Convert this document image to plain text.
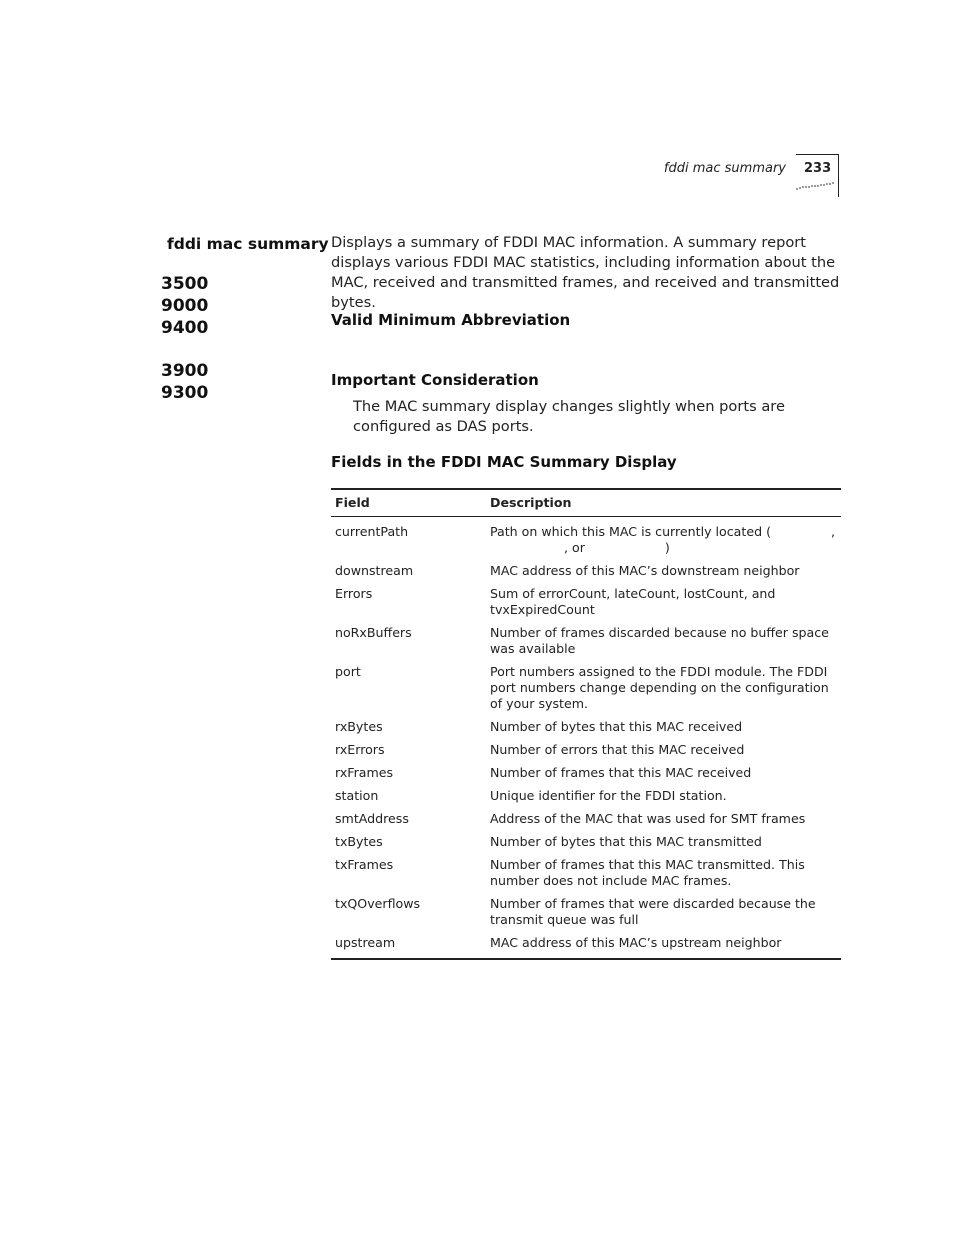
fddi mac summary 233
fddi mac summary
3500
9000
9400
3900
9300
Displays a summary of FDDI MAC information. A summary report displays various FDDI MAC statistics, including information about the MAC, received and transmitted frames, and received and transmitted bytes.
Valid Minimum Abbreviation
Important Consideration
The MAC summary display changes slightly when ports are configured as DAS ports.
Fields in the FDDI MAC Summary Display
Field	Description
currentPath	Path on which this MAC is currently located ( ,
, or )
downstream	MAC address of this MAC’s downstream neighbor
Errors	Sum of errorCount, lateCount, lostCount, and tvxExpiredCount
noRxBuffers	Number of frames discarded because no buffer space was available
port	Port numbers assigned to the FDDI module. The FDDI port numbers change depending on the configuration of your system.
rxBytes	Number of bytes that this MAC received
rxErrors	Number of errors that this MAC received
rxFrames	Number of frames that this MAC received
station	Unique identifier for the FDDI station.
smtAddress	Address of the MAC that was used for SMT frames
txBytes	Number of bytes that this MAC transmitted
txFrames	Number of frames that this MAC transmitted. This number does not include MAC frames.
txQOverflows	Number of frames that were discarded because the transmit queue was full
upstream	MAC address of this MAC’s upstream neighbor
